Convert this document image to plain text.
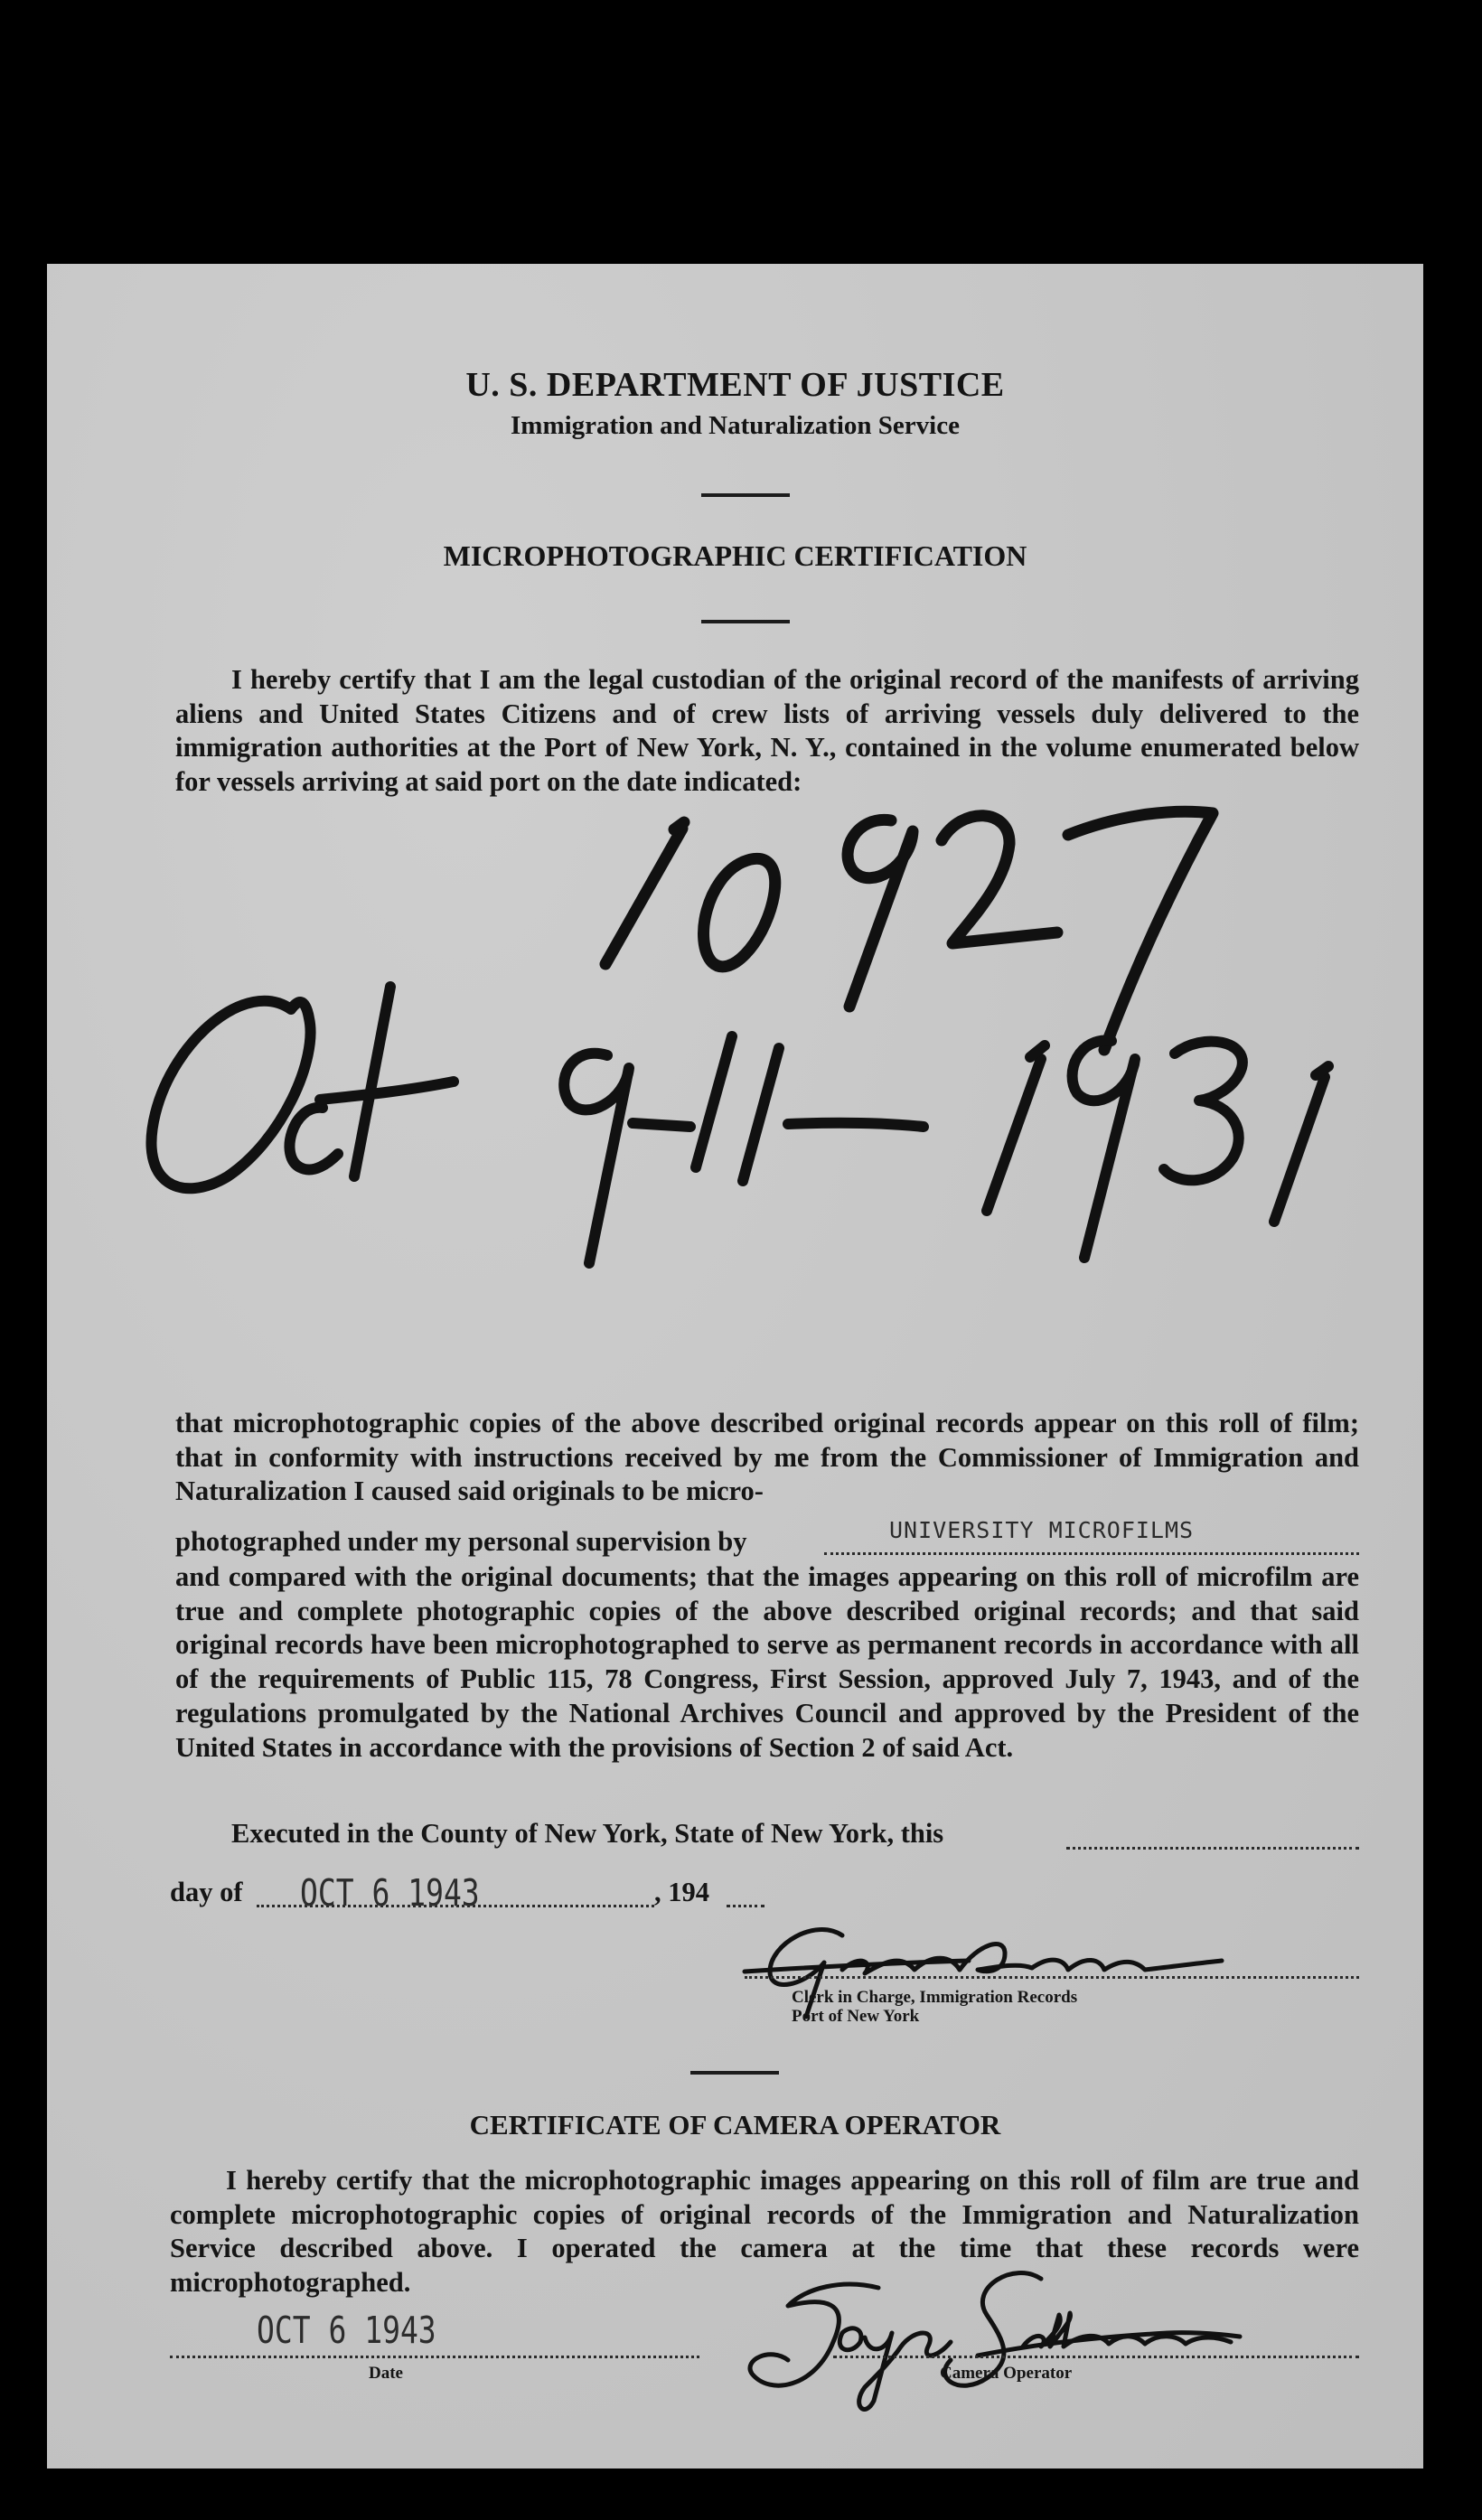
U. S. DEPARTMENT OF JUSTICE
Immigration and Naturalization Service
MICROPHOTOGRAPHIC CERTIFICATION

I hereby certify that I am the legal custodian of the original record of the manifests of arriving aliens and United States Citizens and of crew lists of arriving vessels duly delivered to the immigration authorities at the Port of New York, N. Y., contained in the volume enumerated below for vessels arriving at said port on the date indicated:

that microphotographic copies of the above described original records appear on this roll of film; that in conformity with instructions received by me from the Commissioner of Immigration and Naturalization I caused said originals to be micro-

photographed under my personal supervision by	UNIVERSITY MICROFILMS

and compared with the original documents; that the images appearing on this roll of microfilm are true and complete photographic copies of the above described original records; and that said original records have been microphotographed to serve as permanent records in accordance with all of the requirements of Public 115, 78 Congress, First Session, approved July 7, 1943, and of the regulations promulgated by the National Archives Council and approved by the President of the United States in accordance with the provisions of Section 2 of said Act.

Executed in the County of New York, State of New York, this
day of OCT 6 1943	, 194
Clerk in Charge, Immigration Records
Port of New York
CERTIFICATE OF CAMERA OPERATOR

I hereby certify that the microphotographic images appearing on this roll of film are true and complete microphotographic copies of original records of the Immigration and Naturalization Service described above. I operated the camera at the time that these records were microphotographed.

OCT 6 1943
Date	Camera Operator
